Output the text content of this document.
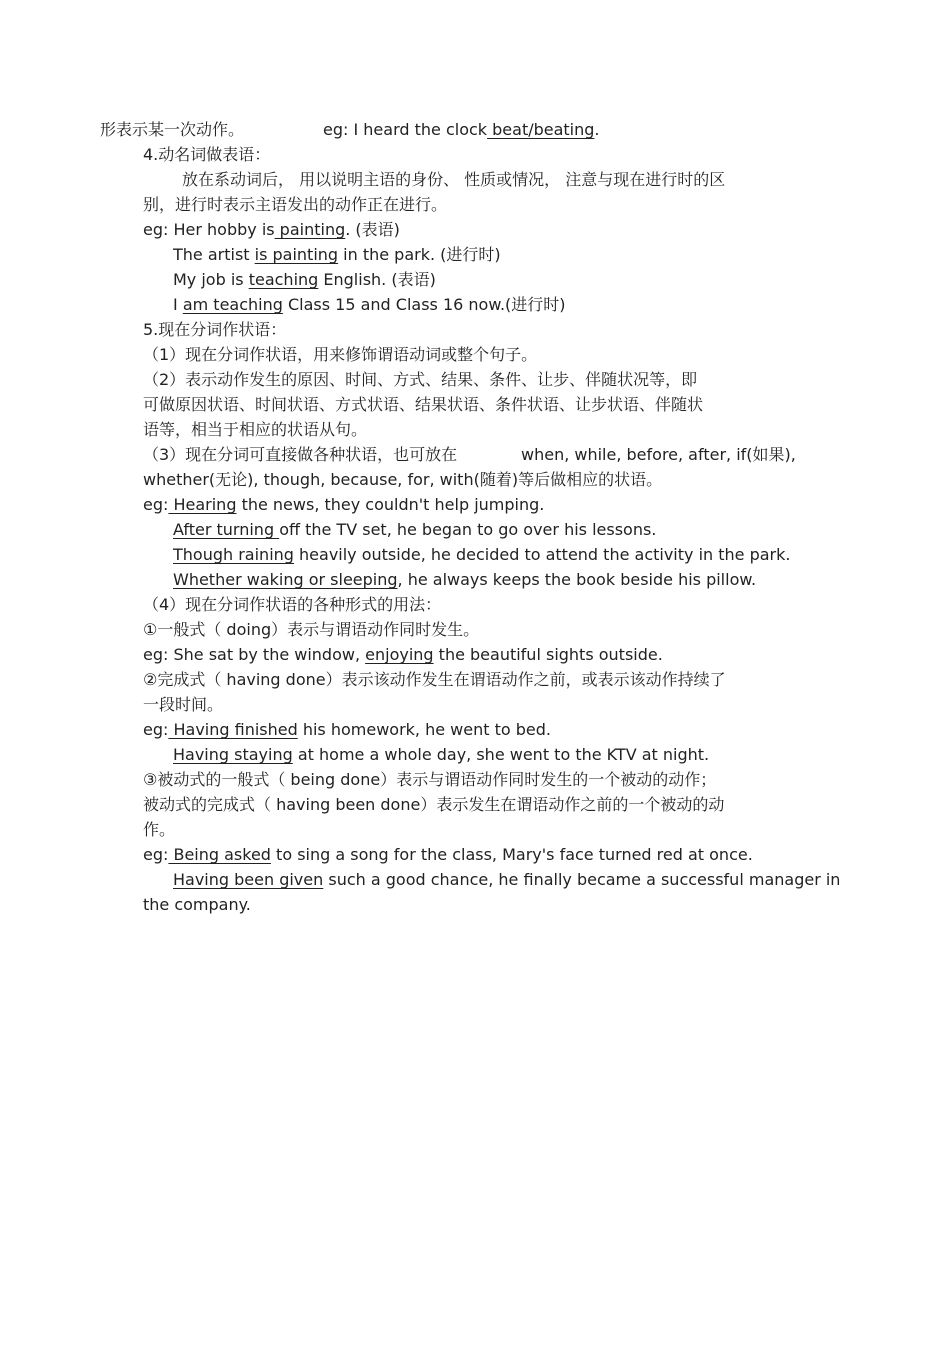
形表示某一次动作。	eg: I heard the clock beat/beating.
4.动名词做表语：
放在系动词后， 用以说明主语的身份、 性质或情况， 注意与现在进行时的区
别，进行时表示主语发出的动作正在进行。
eg: Her hobby is painting. (表语)
The artist is painting in the park. (进行时)
My job is teaching English. (表语)
I am teaching Class 15 and Class 16 now.(进行时)
5.现在分词作状语：
（1）现在分词作状语，用来修饰谓语动词或整个句子。
（2）表示动作发生的原因、时间、方式、结果、条件、让步、伴随状况等，即
可做原因状语、时间状语、方式状语、结果状语、条件状语、让步状语、伴随状
语等，相当于相应的状语从句。
（3）现在分词可直接做各种状语，也可放在	when, while, before, after, if(如果),
whether(无论), though, because, for, with(随着)等后做相应的状语。
eg: Hearing the news, they couldn't help jumping.
After turning off the TV set, he began to go over his lessons.
Though raining heavily outside, he decided to attend the activity in the park.
Whether waking or sleeping, he always keeps the book beside his pillow.
（4）现在分词作状语的各种形式的用法：
①一般式（ doing）表示与谓语动作同时发生。
eg: She sat by the window, enjoying the beautiful sights outside.
②完成式（ having done）表示该动作发生在谓语动作之前，或表示该动作持续了
一段时间。
eg: Having finished his homework, he went to bed.
Having staying at home a whole day, she went to the KTV at night.
③被动式的一般式（ being done）表示与谓语动作同时发生的一个被动的动作；
被动式的完成式（ having been done）表示发生在谓语动作之前的一个被动的动
作。
eg: Being asked to sing a song for the class, Mary's face turned red at once.
Having been given such a good chance, he finally became a successful manager in
the company.
